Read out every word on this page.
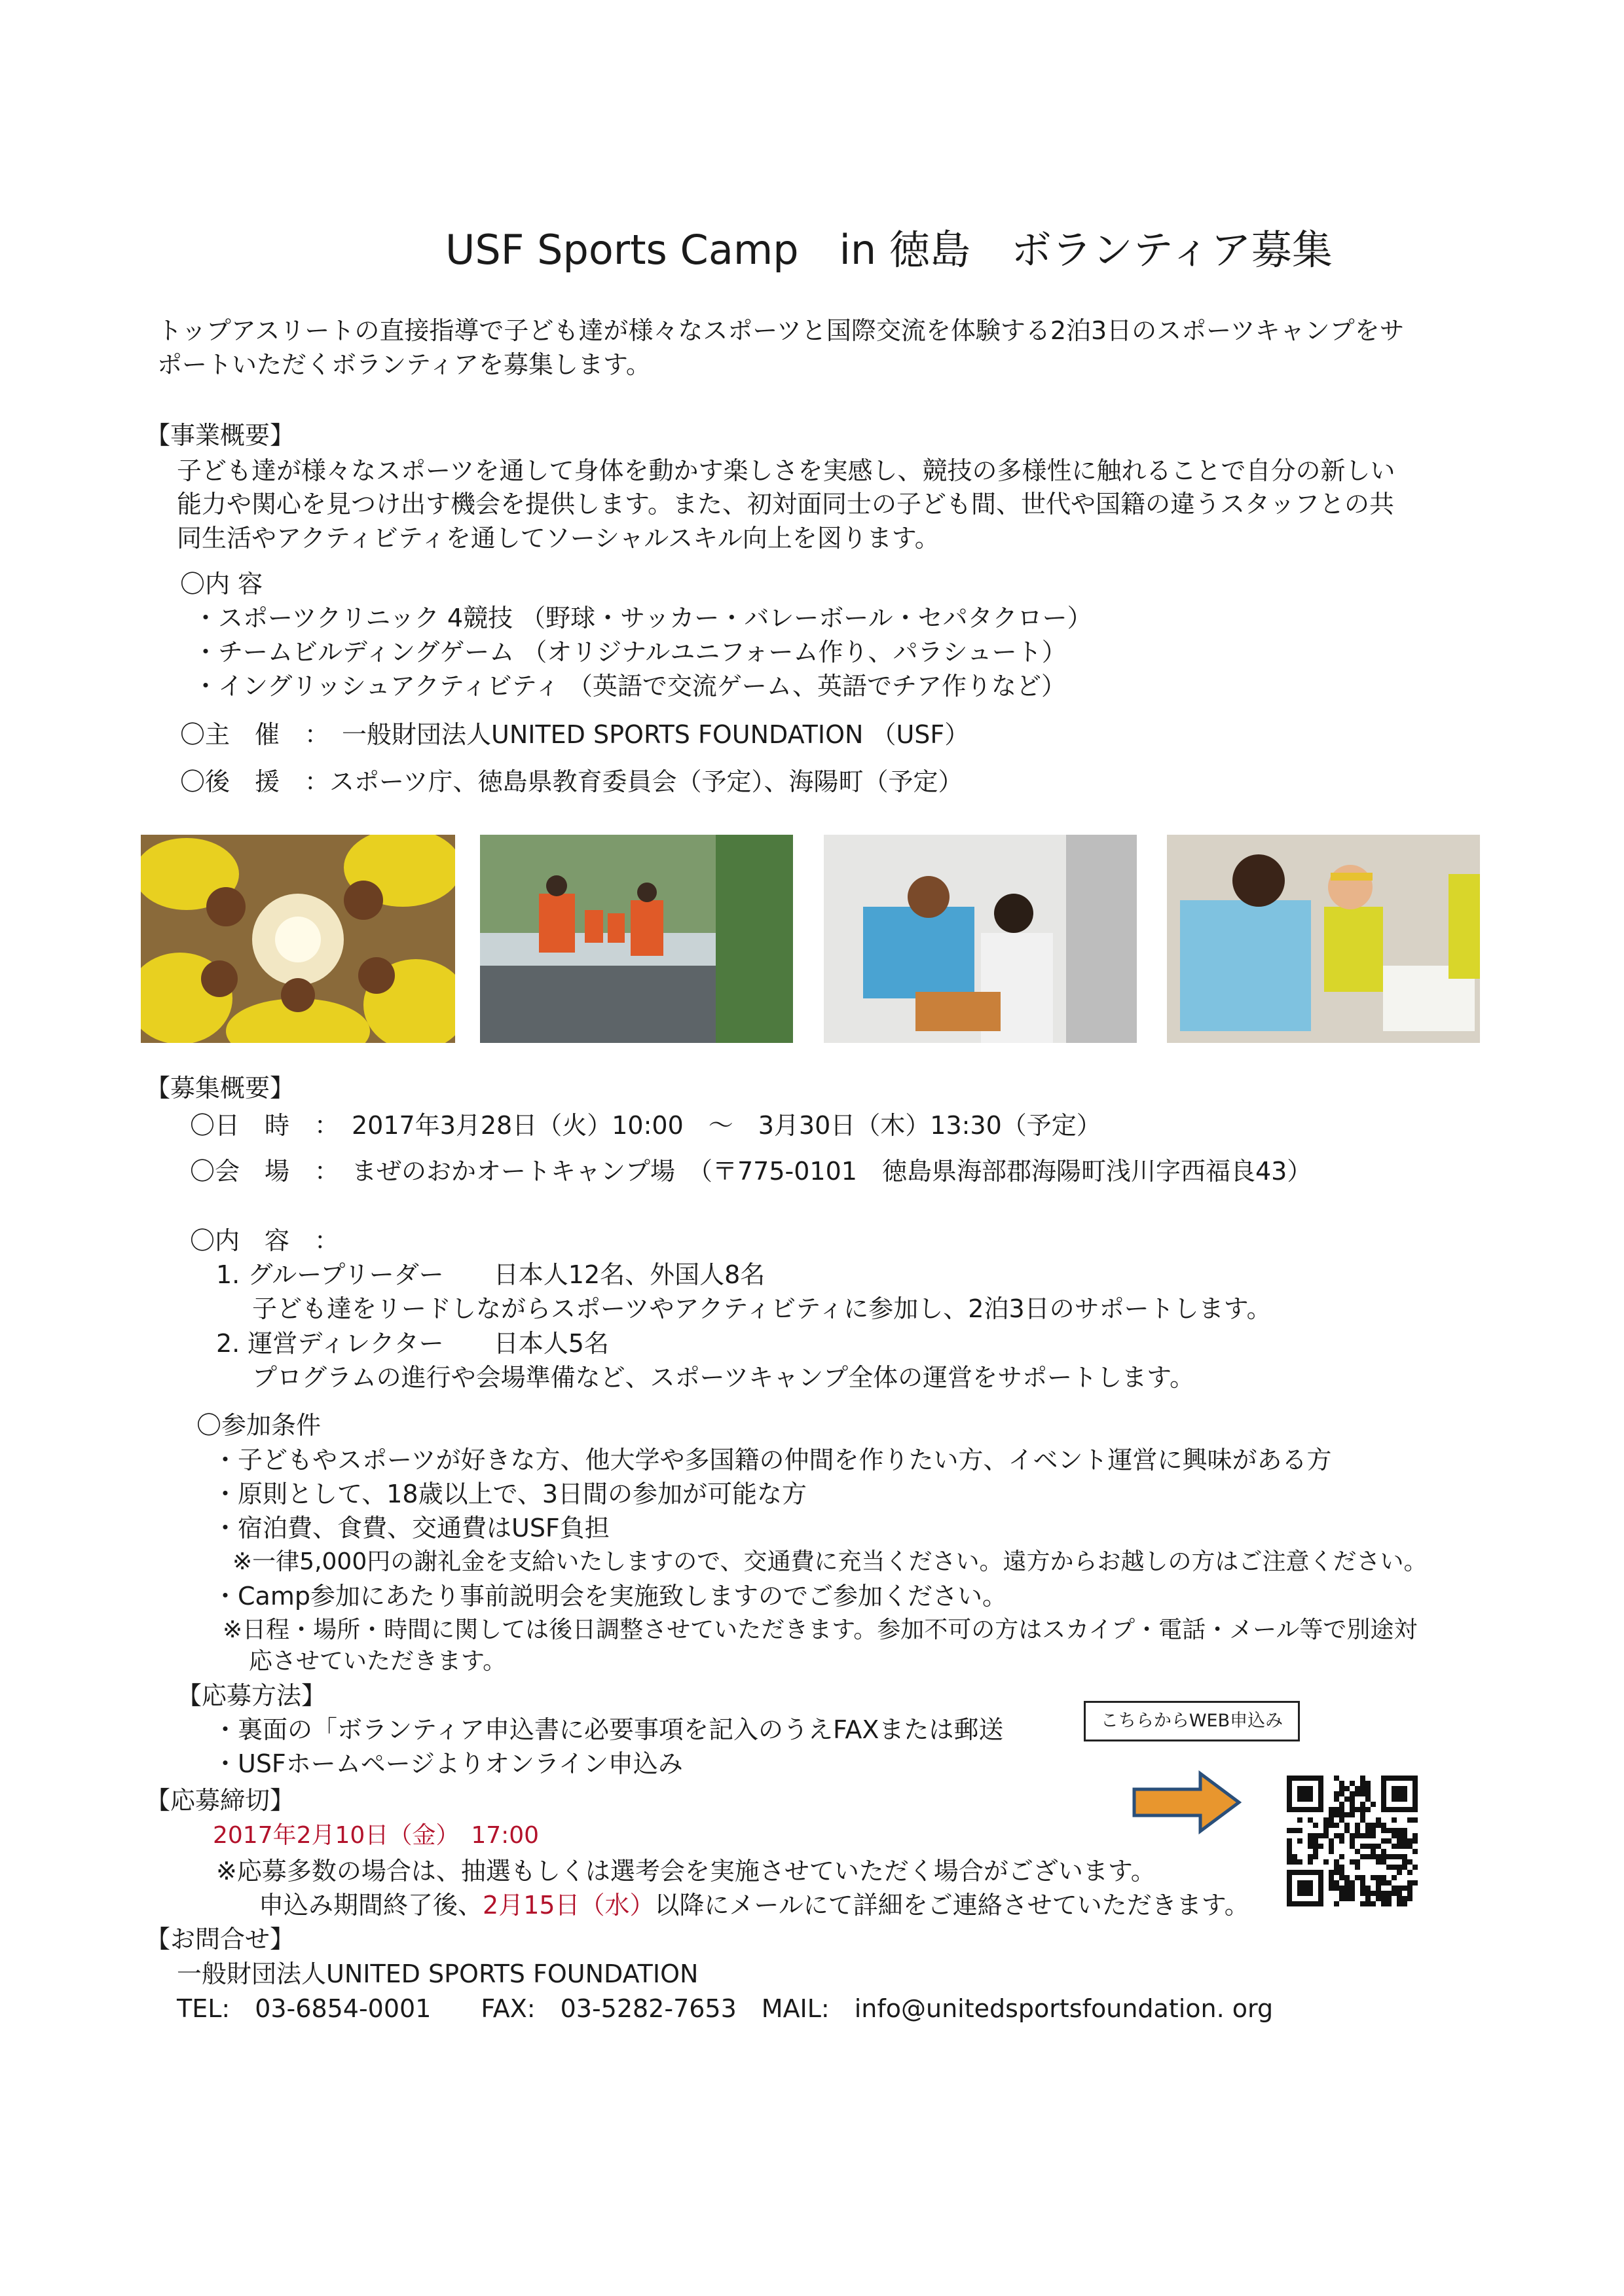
USF Sports Camp　in 徳島　ボランティア募集
トップアスリートの直接指導で子ども達が様々なスポーツと国際交流を体験する2泊3日のスポーツキャンプをサ
ポートいただくボランティアを募集します。
【事業概要】
子ども達が様々なスポーツを通して身体を動かす楽しさを実感し、競技の多様性に触れることで自分の新しい
能力や関心を見つけ出す機会を提供します。また、初対面同士の子ども間、世代や国籍の違うスタッフとの共
同生活やアクティビティを通してソーシャルスキル向上を図ります。
〇内 容
・スポーツクリニック 4競技 （野球・サッカー・バレーボール・セパタクロー）
・チームビルディングゲーム （オリジナルユニフォーム作り、パラシュート）
・イングリッシュアクティビティ （英語で交流ゲーム、英語でチア作りなど）
〇主　催　：　一般財団法人UNITED SPORTS FOUNDATION （USF）
〇後　援　：スポーツ庁、徳島県教育委員会（予定）、海陽町（予定）
【募集概要】
〇日　時　：　2017年3月28日（火）10:00　～　3月30日（木）13:30（予定）
〇会　場　：　まぜのおかオートキャンプ場　（〒775-0101　徳島県海部郡海陽町浅川字西福良43）
〇内　容　：
1. グループリーダー　　日本人12名、外国人8名
子ども達をリードしながらスポーツやアクティビティに参加し、2泊3日のサポートします。
2. 運営ディレクター　　日本人5名
プログラムの進行や会場準備など、スポーツキャンプ全体の運営をサポートします。
〇参加条件
・子どもやスポーツが好きな方、他大学や多国籍の仲間を作りたい方、イベント運営に興味がある方
・原則として、18歳以上で、3日間の参加が可能な方
・宿泊費、食費、交通費はUSF負担
※一律5,000円の謝礼金を支給いたしますので、交通費に充当ください。遠方からお越しの方はご注意ください。
・Camp参加にあたり事前説明会を実施致しますのでご参加ください。
※日程・場所・時間に関しては後日調整させていただきます。参加不可の方はスカイプ・電話・メール等で別途対
応させていただきます。
【応募方法】
・裏面の「ボランティア申込書に必要事項を記入のうえFAXまたは郵送
・USFホームページよりオンライン申込み
こちらからWEB申込み
【応募締切】
2017年2月10日（金）　17:00
※応募多数の場合は、抽選もしくは選考会を実施させていただく場合がございます。
申込み期間終了後、2月15日（水）以降にメールにて詳細をご連絡させていただきます。
【お問合せ】
一般財団法人UNITED SPORTS FOUNDATION
TEL:　03-6854-0001　　FAX:　03-5282-7653　MAIL:　info@unitedsportsfoundation. org
